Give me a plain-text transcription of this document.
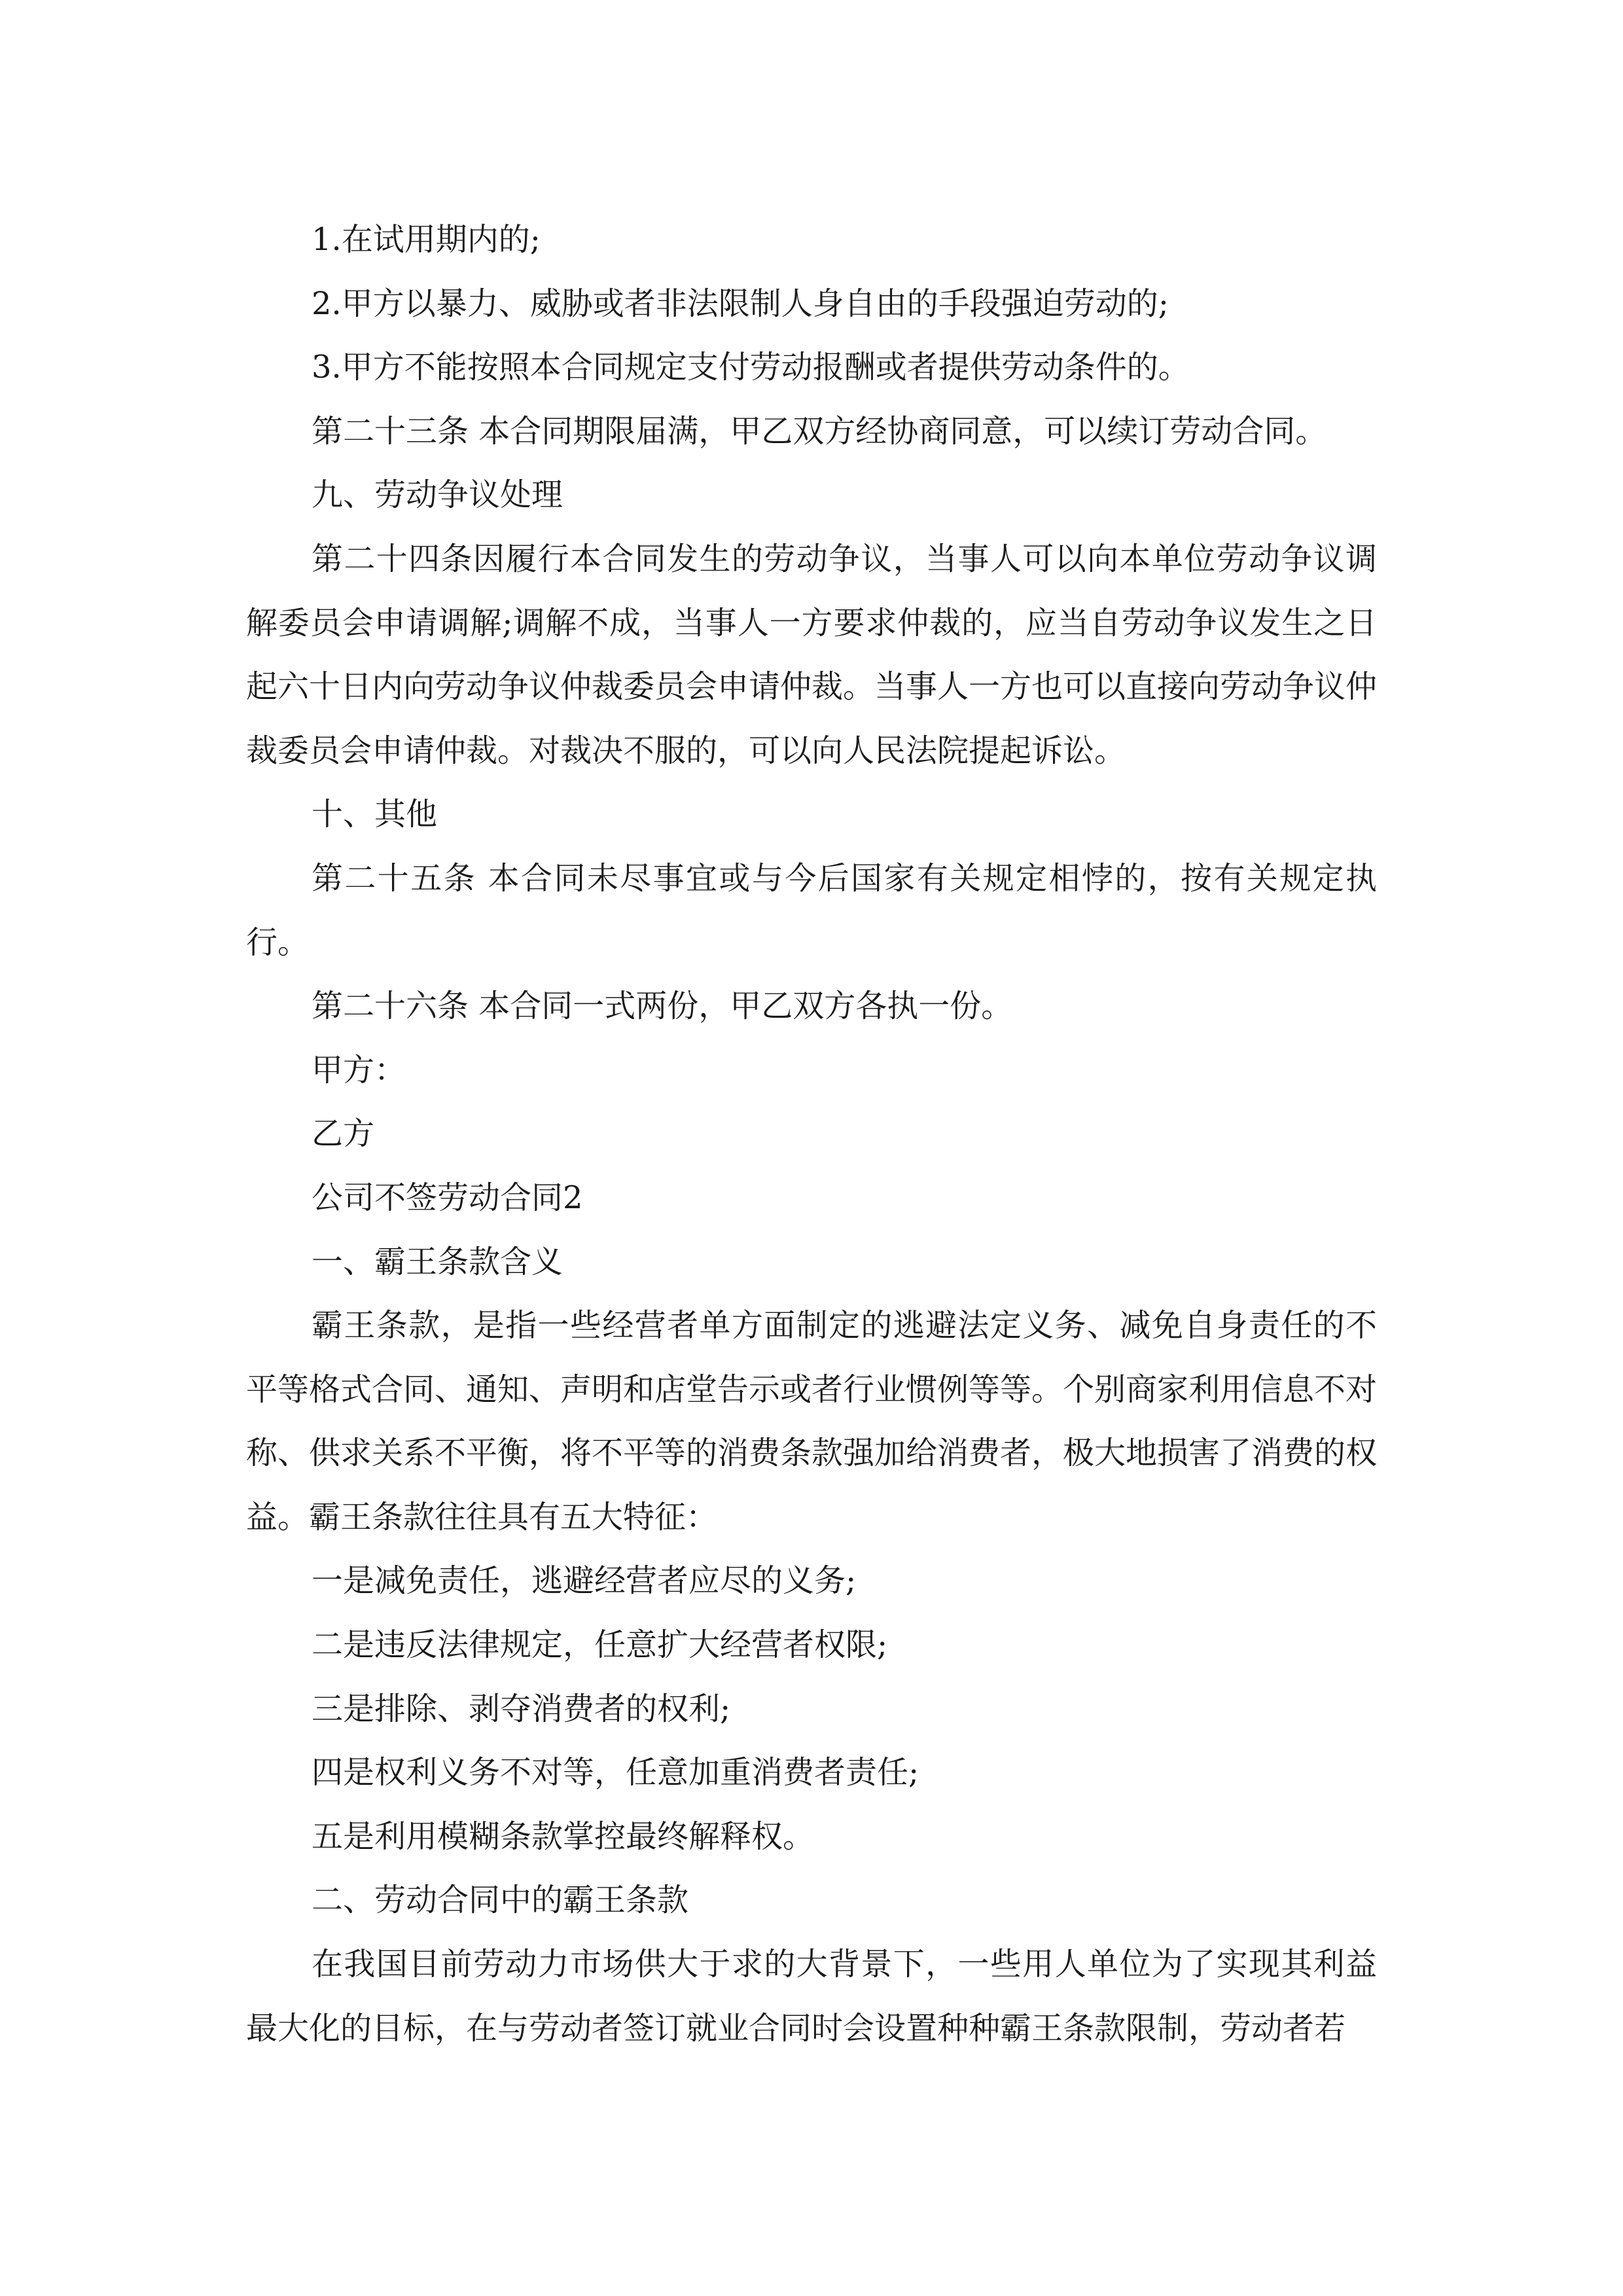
1.在试用期内的;

2.甲方以暴力、威胁或者非法限制人身自由的手段强迫劳动的;

3.甲方不能按照本合同规定支付劳动报酬或者提供劳动条件的。

第二十三条 本合同期限届满，甲乙双方经协商同意，可以续订劳动合同。

九、劳动争议处理

第二十四条因履行本合同发生的劳动争议，当事人可以向本单位劳动争议调解委员会申请调解;调解不成，当事人一方要求仲裁的，应当自劳动争议发生之日起六十日内向劳动争议仲裁委员会申请仲裁。当事人一方也可以直接向劳动争议仲裁委员会申请仲裁。对裁决不服的，可以向人民法院提起诉讼。

十、其他

第二十五条 本合同未尽事宜或与今后国家有关规定相悖的，按有关规定执行。

第二十六条 本合同一式两份，甲乙双方各执一份。

甲方：

乙方

公司不签劳动合同2

一、霸王条款含义

霸王条款，是指一些经营者单方面制定的逃避法定义务、减免自身责任的不平等格式合同、通知、声明和店堂告示或者行业惯例等等。个别商家利用信息不对称、供求关系不平衡，将不平等的消费条款强加给消费者，极大地损害了消费的权益。霸王条款往往具有五大特征：

一是减免责任，逃避经营者应尽的义务;

二是违反法律规定，任意扩大经营者权限;

三是排除、剥夺消费者的权利;

四是权利义务不对等，任意加重消费者责任;

五是利用模糊条款掌控最终解释权。

二、劳动合同中的霸王条款

在我国目前劳动力市场供大于求的大背景下，一些用人单位为了实现其利益最大化的目标，在与劳动者签订就业合同时会设置种种霸王条款限制，劳动者若
